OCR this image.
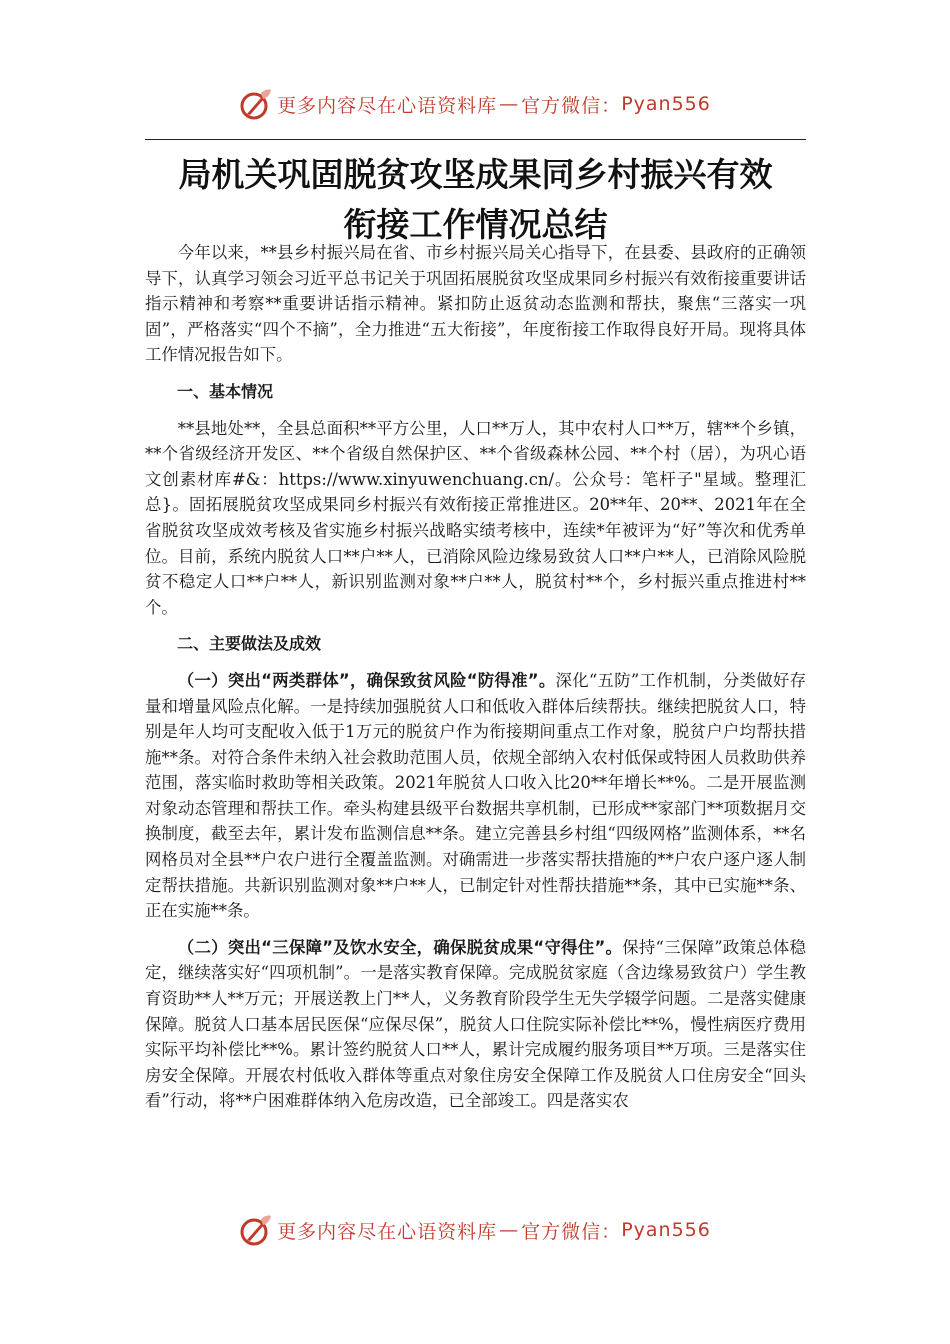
更多内容尽在心语资料库 — 官方微信： Pyan556
局机关巩固脱贫攻坚成果同乡村振兴有效
衔接工作情况总结

今年以来，**县乡村振兴局在省、市乡村振兴局关心指导下，在县委、县政府的正确领导下，认真学习领会习近平总书记关于巩固拓展脱贫攻坚成果同乡村振兴有效衔接重要讲话指示精神和考察**重要讲话指示精神。紧扣防止返贫动态监测和帮扶，聚焦“三落实一巩固”，严格落实“四个不摘”，全力推进“五大衔接”，年度衔接工作取得良好开局。现将具体工作情况报告如下。

一、基本情况

**县地处**，全县总面积**平方公里，人口**万人，其中农村人口**万，辖**个乡镇，**个省级经济开发区、**个省级自然保护区、**个省级森林公园、**个村（居），为巩心语文创素材库#&：https://www.xinyuwenchuang.cn/。公众号：笔杆子"星域。整理汇总}。固拓展脱贫攻坚成果同乡村振兴有效衔接正常推进区。20**年、20**、2021年在全省脱贫攻坚成效考核及省实施乡村振兴战略实绩考核中，连续*年被评为“好”等次和优秀单位。目前，系统内脱贫人口**户**人，已消除风险边缘易致贫人口**户**人，已消除风险脱贫不稳定人口**户**人，新识别监测对象**户**人，脱贫村**个，乡村振兴重点推进村**个。

二、主要做法及成效

（一）突出“两类群体”，确保致贫风险“防得准”。深化“五防”工作机制，分类做好存量和增量风险点化解。一是持续加强脱贫人口和低收入群体后续帮扶。继续把脱贫人口，特别是年人均可支配收入低于1万元的脱贫户作为衔接期间重点工作对象，脱贫户户均帮扶措施**条。对符合条件未纳入社会救助范围人员，依规全部纳入农村低保或特困人员救助供养范围，落实临时救助等相关政策。2021年脱贫人口收入比20**年增长**%。二是开展监测对象动态管理和帮扶工作。牵头构建县级平台数据共享机制，已形成**家部门**项数据月交换制度，截至去年，累计发布监测信息**条。建立完善县乡村组“四级网格”监测体系，**名网格员对全县**户农户进行全覆盖监测。对确需进一步落实帮扶措施的**户农户逐户逐人制定帮扶措施。共新识别监测对象**户**人，已制定针对性帮扶措施**条，其中已实施**条、正在实施**条。

（二）突出“三保障”及饮水安全，确保脱贫成果“守得住”。保持“三保障”政策总体稳定，继续落实好“四项机制”。一是落实教育保障。完成脱贫家庭（含边缘易致贫户）学生教育资助**人**万元；开展送教上门**人，义务教育阶段学生无失学辍学问题。二是落实健康保障。脱贫人口基本居民医保“应保尽保”，脱贫人口住院实际补偿比**%，慢性病医疗费用实际平均补偿比**%。累计签约脱贫人口**人，累计完成履约服务项目**万项。三是落实住房安全保障。开展农村低收入群体等重点对象住房安全保障工作及脱贫人口住房安全“回头看”行动，将**户困难群体纳入危房改造，已全部竣工。四是落实农

更多内容尽在心语资料库 — 官方微信： Pyan556
